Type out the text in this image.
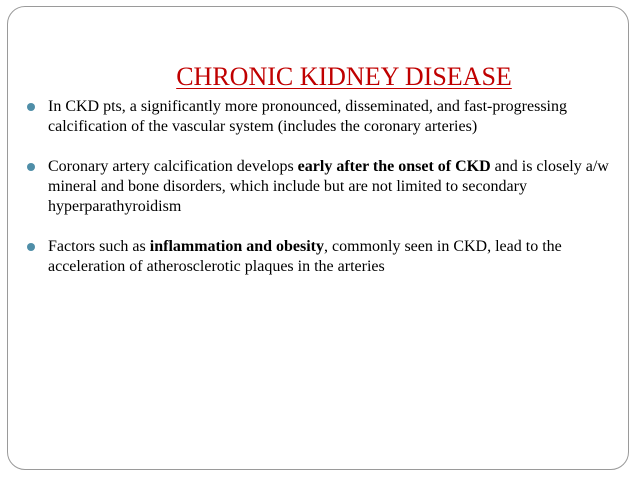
CHRONIC KIDNEY DISEASE
In CKD pts, a significantly more pronounced, disseminated, and fast-progressing calcification of the vascular system (includes the coronary arteries)
Coronary artery calcification develops early after the onset of CKD and is closely a/w mineral and bone disorders, which include but are not limited to secondary hyperparathyroidism
Factors such as inflammation and obesity, commonly seen in CKD, lead to the acceleration of atherosclerotic plaques in the arteries
